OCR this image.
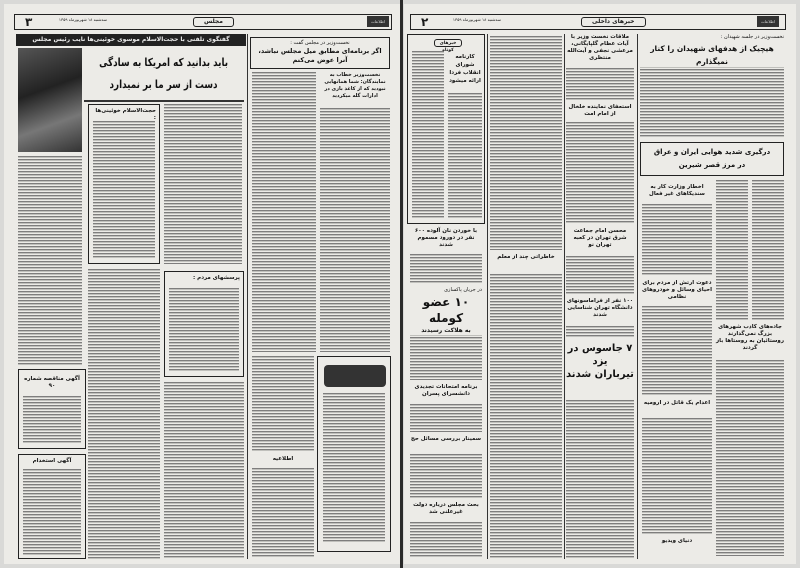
۳	سه‌شنبه ۱۸ شهریورماه ۱۳۵۹	مجلس	اطلاعات
گفتگوی تلفنی با حجت‌الاسلام موسوی خوئینی‌ها نایب رئیس مجلس
باید بدانید که امریکا به سادگی
دست از سر ما بر نمیدارد
حجت‌الاسلام خوئینی‌ها :
پرسشهای مردم :
آگهی مناقصه شماره ۹۰
آگهی استخدام
نخست‌وزیر در مجلس گفت :
اگر برنامه‌ای مطابق میل مجلس نباشد، آنرا عوض می‌کنم
نخست‌وزیر خطاب به نمایندگان: شما همانهایی نبودید که از کاغذ بازی در ادارات گله میکردید
اطلاعیه
۲	سه‌شنبه ۱۸ شهریورماه ۱۳۵۹	خبرهای داخلی	اطلاعات
خبرهای کوتاه
کارنامه شورای انقلاب فردا ارائه میشود
با خوردن نان آلوده ۶۰۰ نفر در دورود مسموم شدند
در جریان پاکسازی
۱۰ عضو کومله
به هلاکت رسیدند
برنامه امتحانات تجدیدی دانشسرای پسران
سمینار بررسی مسائل حج
بحث مجلس درباره دولت غیرعلنی شد
خاطراتی چند از معلم
ملاقات نخست وزیر با آیات عظام گلپایگانی، مرعشی نجفی و آیت‌الله منتظری
استعفای نماینده خلخال از امام امت
محسن امام جماعت شرق تهران در کعبه تهران نو
۱۰۰ نفر از فراماسونهای دانشگاه تهران شناسایی شدند
۷ جاسوس در یزد
تیرباران شدند
نخست‌وزیر در جلسه شهیدان :
هیچیک از هدفهای شهیدان را کنار نمیگذارم
درگیری شدید هوایی ایران و عراق
در مرز قصر شیرین
اخطار وزارت کار به سندیکاهای غیر فعال
دعوت ارتش از مردم برای احیای وسائل و خودروهای نظامی
اعدام یک قاتل در ارومیه
دنیای ویدیو
جاده‌های کاذب شهرهای بزرگ نمی‌گذارند روستائیان به روستاها باز گردند
